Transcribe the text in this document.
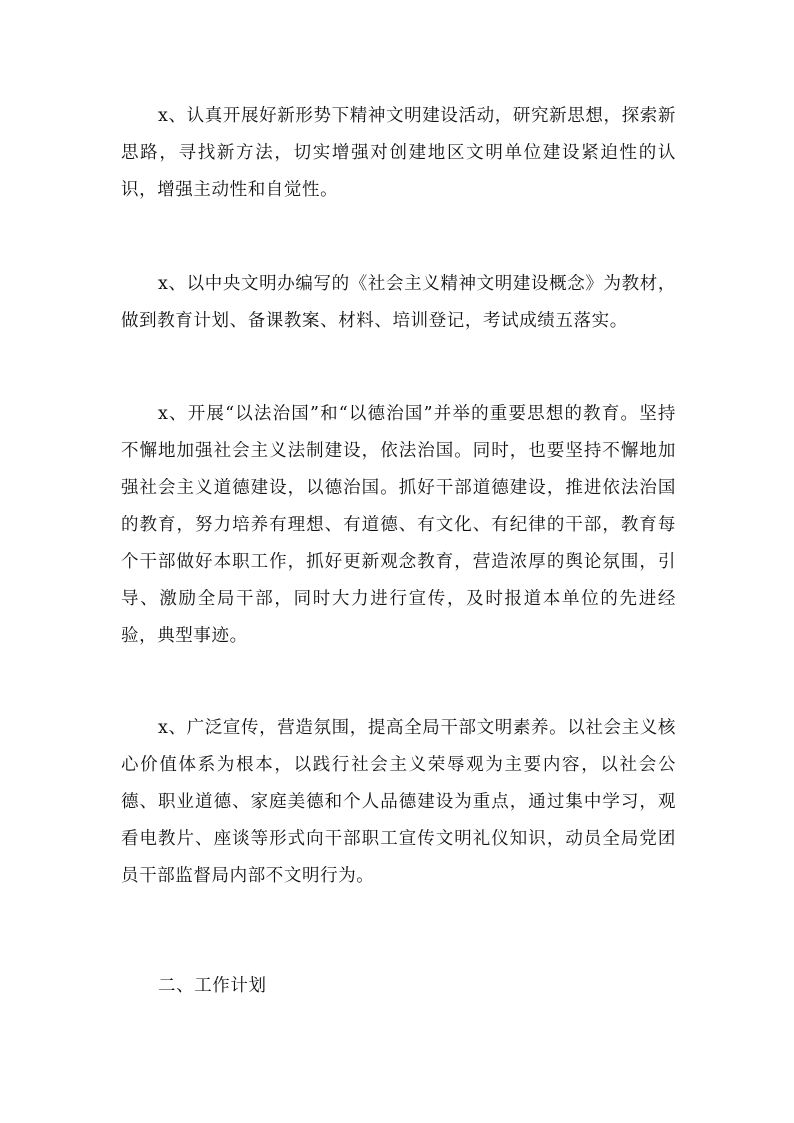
x、认真开展好新形势下精神文明建设活动，研究新思想，探索新思路，寻找新方法，切实增强对创建地区文明单位建设紧迫性的认识，增强主动性和自觉性。

x、以中央文明办编写的《社会主义精神文明建设概念》为教材，做到教育计划、备课教案、材料、培训登记，考试成绩五落实。

x、开展“以法治国”和“以德治国”并举的重要思想的教育。坚持不懈地加强社会主义法制建设，依法治国。同时，也要坚持不懈地加强社会主义道德建设，以德治国。抓好干部道德建设，推进依法治国的教育，努力培养有理想、有道德、有文化、有纪律的干部，教育每个干部做好本职工作，抓好更新观念教育，营造浓厚的舆论氛围，引导、激励全局干部，同时大力进行宣传，及时报道本单位的先进经验，典型事迹。

x、广泛宣传，营造氛围，提高全局干部文明素养。以社会主义核心价值体系为根本，以践行社会主义荣辱观为主要内容，以社会公德、职业道德、家庭美德和个人品德建设为重点，通过集中学习，观看电教片、座谈等形式向干部职工宣传文明礼仪知识，动员全局党团员干部监督局内部不文明行为。

二、工作计划
